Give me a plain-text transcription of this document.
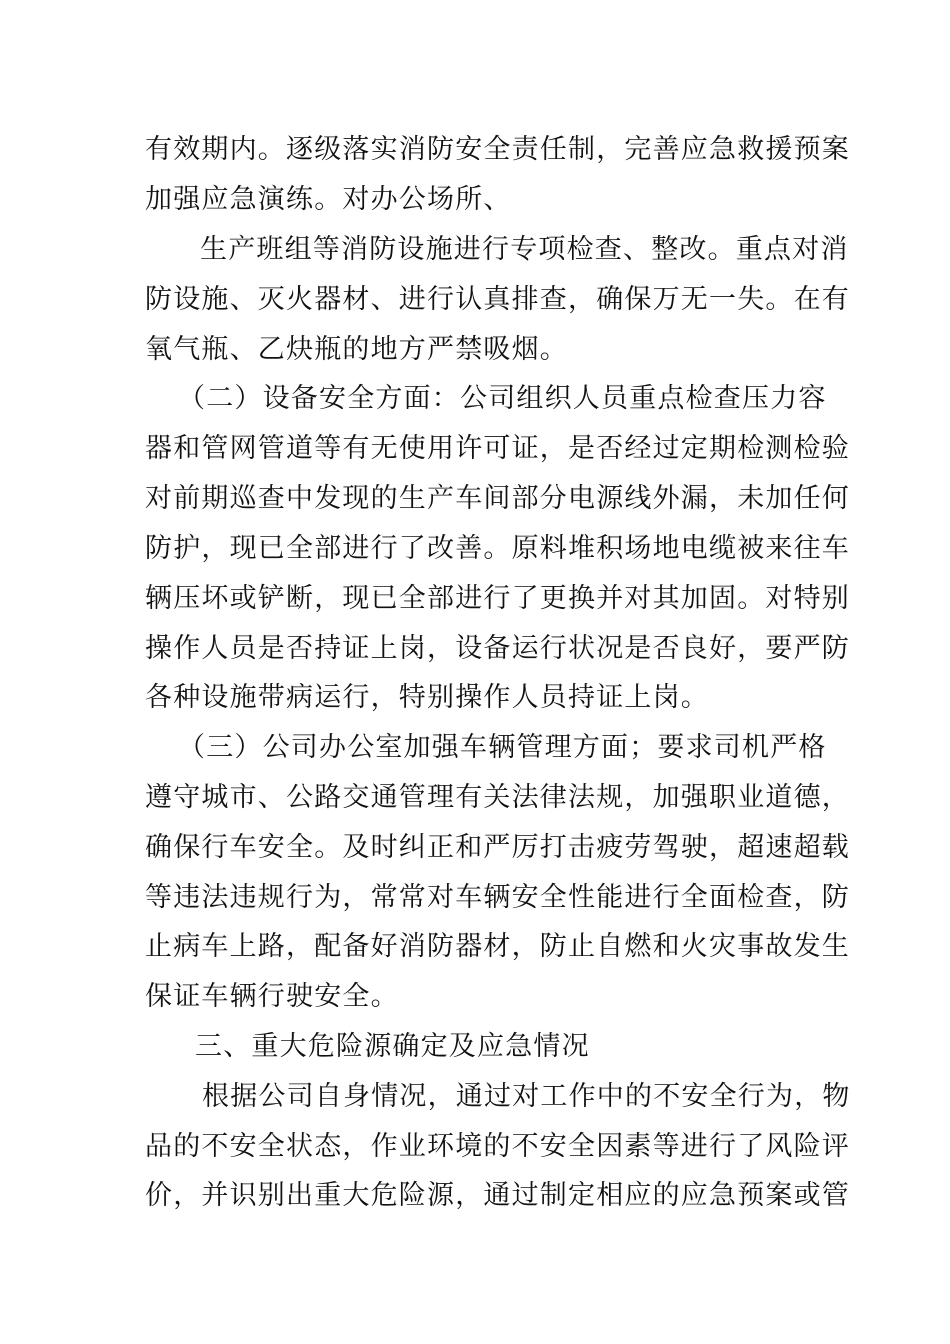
有效期内。逐级落实消防安全责任制，完善应急救援预案
加强应急演练。对办公场所、
生产班组等消防设施进行专项检查、整改。重点对消
防设施、灭火器材、进行认真排查，确保万无一失。在有
氧气瓶、乙炔瓶的地方严禁吸烟。
（二）设备安全方面：公司组织人员重点检查压力容
器和管网管道等有无使用许可证，是否经过定期检测检验
对前期巡查中发现的生产车间部分电源线外漏，未加任何
防护，现已全部进行了改善。原料堆积场地电缆被来往车
辆压坏或铲断，现已全部进行了更换并对其加固。对特别
操作人员是否持证上岗，设备运行状况是否良好，要严防
各种设施带病运行，特别操作人员持证上岗。
（三）公司办公室加强车辆管理方面；要求司机严格
遵守城市、公路交通管理有关法律法规，加强职业道德，
确保行车安全。及时纠正和严厉打击疲劳驾驶，超速超载
等违法违规行为，常常对车辆安全性能进行全面检查，防
止病车上路，配备好消防器材，防止自燃和火灾事故发生
保证车辆行驶安全。
三、重大危险源确定及应急情况
根据公司自身情况，通过对工作中的不安全行为，物
品的不安全状态，作业环境的不安全因素等进行了风险评
价，并识别出重大危险源，通过制定相应的应急预案或管
